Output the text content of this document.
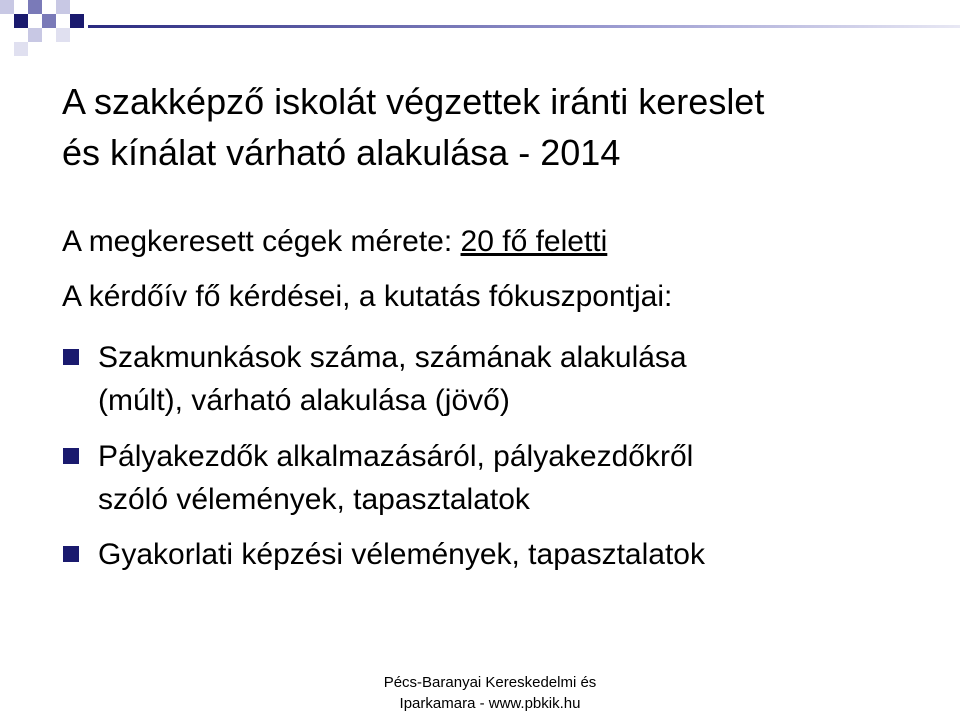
A szakképző iskolát végzettek iránti kereslet
és kínálat várható alakulása - 2014
A megkeresett cégek mérete: 20 fő feletti
A kérdőív fő kérdései, a kutatás fókuszpontjai:
Szakmunkások száma, számának alakulása
(múlt), várható alakulása (jövő)
Pályakezdők alkalmazásáról, pályakezdőkről
szóló vélemények, tapasztalatok
Gyakorlati képzési vélemények, tapasztalatok
Pécs-Baranyai Kereskedelmi és
Iparkamara - www.pbkik.hu
